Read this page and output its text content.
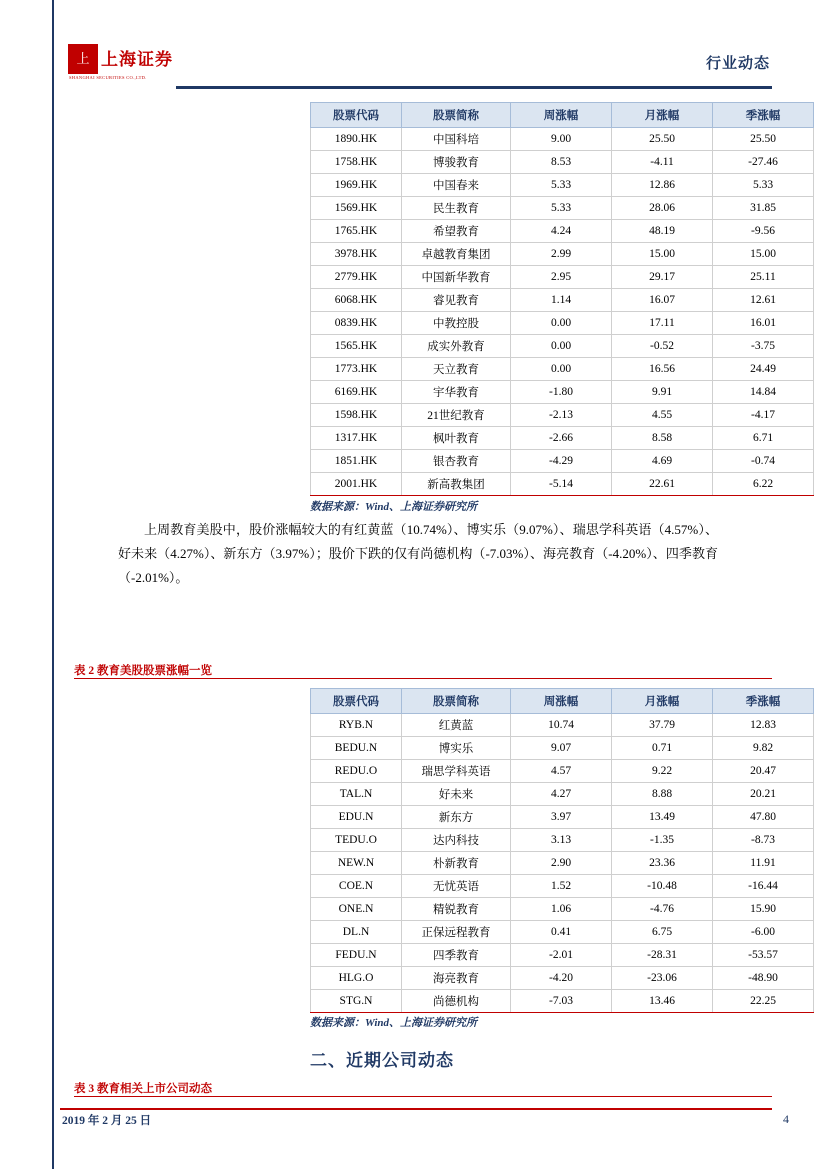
上 上海证券
SHANGHAI SECURITIES CO.,LTD.
行业动态
股票代码	股票简称	周涨幅	月涨幅	季涨幅
1890.HK	中国科培	9.00	25.50	25.50
1758.HK	博骏教育	8.53	-4.11	-27.46
1969.HK	中国春来	5.33	12.86	5.33
1569.HK	民生教育	5.33	28.06	31.85
1765.HK	希望教育	4.24	48.19	-9.56
3978.HK	卓越教育集团	2.99	15.00	15.00
2779.HK	中国新华教育	2.95	29.17	25.11
6068.HK	睿见教育	1.14	16.07	12.61
0839.HK	中教控股	0.00	17.11	16.01
1565.HK	成实外教育	0.00	-0.52	-3.75
1773.HK	天立教育	0.00	16.56	24.49
6169.HK	宇华教育	-1.80	9.91	14.84
1598.HK	21世纪教育	-2.13	4.55	-4.17
1317.HK	枫叶教育	-2.66	8.58	6.71
1851.HK	银杏教育	-4.29	4.69	-0.74
2001.HK	新高教集团	-5.14	22.61	6.22
数据来源：Wind、上海证券研究所
上周教育美股中，股价涨幅较大的有红黄蓝（10.74%）、博实乐（9.07%）、瑞思学科英语（4.57%）、好未来（4.27%）、新东方（3.97%）；股价下跌的仅有尚德机构（-7.03%）、海亮教育（-4.20%）、四季教育（-2.01%）。
表 2 教育美股股票涨幅一览
股票代码	股票简称	周涨幅	月涨幅	季涨幅
RYB.N	红黄蓝	10.74	37.79	12.83
BEDU.N	博实乐	9.07	0.71	9.82
REDU.O	瑞思学科英语	4.57	9.22	20.47
TAL.N	好未来	4.27	8.88	20.21
EDU.N	新东方	3.97	13.49	47.80
TEDU.O	达内科技	3.13	-1.35	-8.73
NEW.N	朴新教育	2.90	23.36	11.91
COE.N	无忧英语	1.52	-10.48	-16.44
ONE.N	精锐教育	1.06	-4.76	15.90
DL.N	正保远程教育	0.41	6.75	-6.00
FEDU.N	四季教育	-2.01	-28.31	-53.57
HLG.O	海亮教育	-4.20	-23.06	-48.90
STG.N	尚德机构	-7.03	13.46	22.25
数据来源：Wind、上海证券研究所
二、近期公司动态
表 3 教育相关上市公司动态
2019 年 2 月 25 日	4
